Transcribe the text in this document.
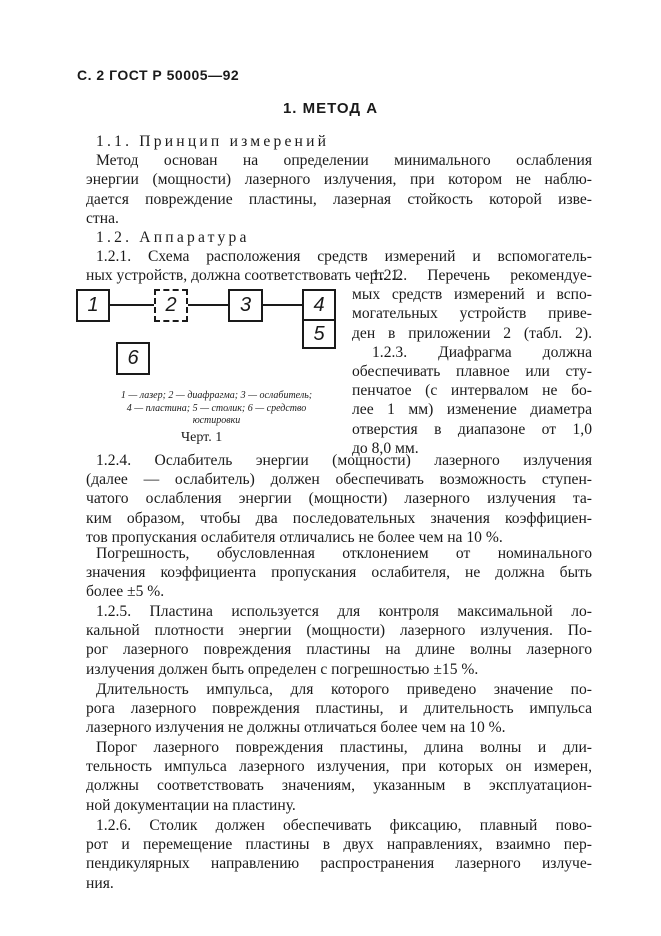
С. 2 ГОСТ Р 50005—92
1. МЕТОД А

1.1. Принцип измерений

Метод основан на определении минимального ослабления

энергии (мощности) лазерного излучения, при котором не наблю-

дается повреждение пластины, лазерная стойкость которой изве-

стна.

1.2. Аппаратура

1.2.1. Схема расположения средств измерений и вспомогатель-

ных устройств, должна соответствовать черт. 1.

1.2.2. Перечень рекомендуе-

мых средств измерений и вспо-

могательных устройств приве-

ден в приложении 2 (табл. 2).

1.2.3. Диафрагма должна

обеспечивать плавное или сту-

пенчатое (с интервалом не бо-

лее 1 мм) изменение диаметра

отверстия в диапазоне от 1,0

до 8,0 мм.

1	2	3	4
5
6
1 — лазер; 2 — диафрагма; 3 — ослабитель;
4 — пластина; 5 — столик; 6 — средство
юстировки
Черт. 1

1.2.4. Ослабитель энергии (мощности) лазерного излучения

(далее — ослабитель) должен обеспечивать возможность ступен-

чатого ослабления энергии (мощности) лазерного излучения та-

ким образом, чтобы два последовательных значения коэффициен-

тов пропускания ослабителя отличались не более чем на 10 %.

Погрешность, обусловленная отклонением от номинального

значения коэффициента пропускания ослабителя, не должна быть

более ±5 %.

1.2.5. Пластина используется для контроля максимальной ло-

кальной плотности энергии (мощности) лазерного излучения. По-

рог лазерного повреждения пластины на длине волны лазерного

излучения должен быть определен с погрешностью ±15 %.

Длительность импульса, для которого приведено значение по-

рога лазерного повреждения пластины, и длительность импульса

лазерного излучения не должны отличаться более чем на 10 %.

Порог лазерного повреждения пластины, длина волны и дли-

тельность импульса лазерного излучения, при которых он измерен,

должны соответствовать значениям, указанным в эксплуатацион-

ной документации на пластину.

1.2.6. Столик должен обеспечивать фиксацию, плавный пово-

рот и перемещение пластины в двух направлениях, взаимно пер-

пендикулярных направлению распространения лазерного излуче-

ния.
